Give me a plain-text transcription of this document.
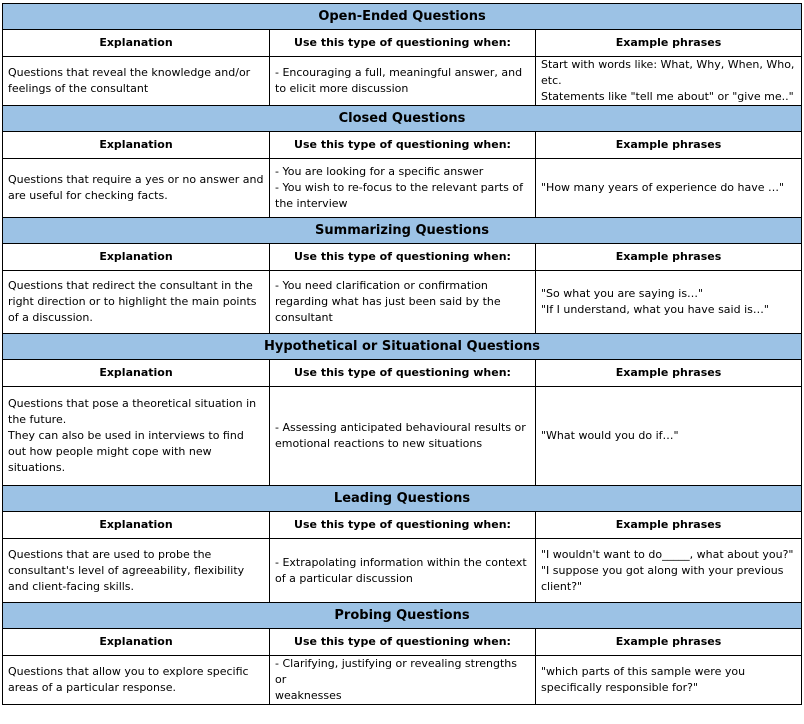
Open-Ended Questions		
Explanation	Use this type of questioning when:	Example phrases
Questions that reveal the knowledge and/or
feelings of the consultant	- Encouraging a full, meaningful answer, and
to elicit more discussion	Start with words like: What, Why, When, Who,
etc.
Statements like "tell me about" or "give me.."
Closed Questions		
Explanation	Use this type of questioning when:	Example phrases
Questions that require a yes or no answer and
are useful for checking facts.	- You are looking for a specific answer
- You wish to re-focus to the relevant parts of
the interview	"How many years of experience do have …"
Summarizing Questions		
Explanation	Use this type of questioning when:	Example phrases
Questions that redirect the consultant in the
right direction or to highlight the main points
of a discussion.	- You need clarification or confirmation
regarding what has just been said by the
consultant	"So what you are saying is…"
"If I understand, what you have said is…"
Hypothetical or Situational Questions		
Explanation	Use this type of questioning when:	Example phrases
Questions that pose a theoretical situation in
the future.
They can also be used in interviews to find
out how people might cope with new
situations.	- Assessing anticipated behavioural results or
emotional reactions to new situations	"What would you do if…"
Leading Questions		
Explanation	Use this type of questioning when:	Example phrases
Questions that are used to probe the
consultant's level of agreeability, flexibility
and client-facing skills.	- Extrapolating information within the context
of a particular discussion	"I wouldn't want to do_____, what about you?"
"I suppose you got along with your previous
client?"
Probing Questions		
Explanation	Use this type of questioning when:	Example phrases
Questions that allow you to explore specific
areas of a particular response.	- Clarifying, justifying or revealing strengths or
weaknesses	"which parts of this sample were you
specifically responsible for?"
